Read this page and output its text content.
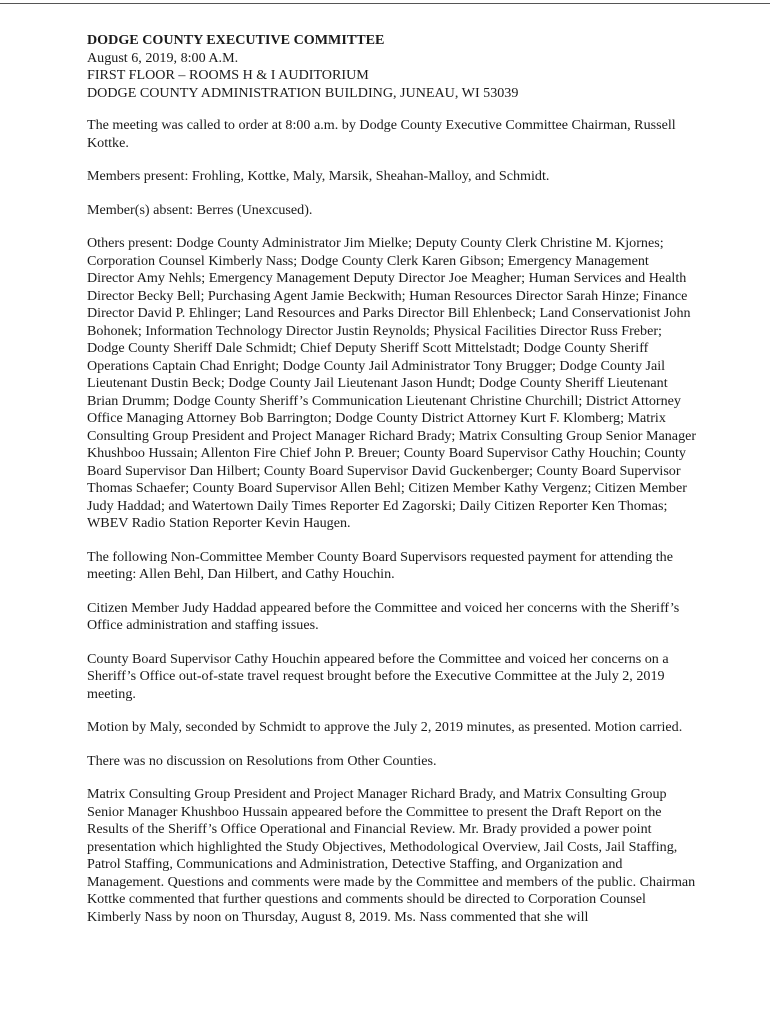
DODGE COUNTY EXECUTIVE COMMITTEE
August 6, 2019, 8:00 A.M.
FIRST FLOOR – ROOMS H & I AUDITORIUM
DODGE COUNTY ADMINISTRATION BUILDING, JUNEAU, WI 53039

The meeting was called to order at 8:00 a.m. by Dodge County Executive Committee Chairman, Russell Kottke.

Members present: Frohling, Kottke, Maly, Marsik, Sheahan-Malloy, and Schmidt.

Member(s) absent: Berres (Unexcused).

Others present: Dodge County Administrator Jim Mielke; Deputy County Clerk Christine M. Kjornes; Corporation Counsel Kimberly Nass; Dodge County Clerk Karen Gibson; Emergency Management Director Amy Nehls; Emergency Management Deputy Director Joe Meagher; Human Services and Health Director Becky Bell; Purchasing Agent Jamie Beckwith; Human Resources Director Sarah Hinze; Finance Director David P. Ehlinger; Land Resources and Parks Director Bill Ehlenbeck; Land Conservationist John Bohonek; Information Technology Director Justin Reynolds; Physical Facilities Director Russ Freber; Dodge County Sheriff Dale Schmidt; Chief Deputy Sheriff Scott Mittelstadt; Dodge County Sheriff Operations Captain Chad Enright; Dodge County Jail Administrator Tony Brugger; Dodge County Jail Lieutenant Dustin Beck; Dodge County Jail Lieutenant Jason Hundt; Dodge County Sheriff Lieutenant Brian Drumm; Dodge County Sheriff’s Communication Lieutenant Christine Churchill; District Attorney Office Managing Attorney Bob Barrington; Dodge County District Attorney Kurt F. Klomberg; Matrix Consulting Group President and Project Manager Richard Brady; Matrix Consulting Group Senior Manager Khushboo Hussain; Allenton Fire Chief John P. Breuer; County Board Supervisor Cathy Houchin; County Board Supervisor Dan Hilbert; County Board Supervisor David Guckenberger; County Board Supervisor Thomas Schaefer; County Board Supervisor Allen Behl; Citizen Member Kathy Vergenz; Citizen Member Judy Haddad; and Watertown Daily Times Reporter Ed Zagorski; Daily Citizen Reporter Ken Thomas; WBEV Radio Station Reporter Kevin Haugen.

The following Non-Committee Member County Board Supervisors requested payment for attending the meeting: Allen Behl, Dan Hilbert, and Cathy Houchin.

Citizen Member Judy Haddad appeared before the Committee and voiced her concerns with the Sheriff’s Office administration and staffing issues.

County Board Supervisor Cathy Houchin appeared before the Committee and voiced her concerns on a Sheriff’s Office out-of-state travel request brought before the Executive Committee at the July 2, 2019 meeting.

Motion by Maly, seconded by Schmidt to approve the July 2, 2019 minutes, as presented. Motion carried.

There was no discussion on Resolutions from Other Counties.

Matrix Consulting Group President and Project Manager Richard Brady, and Matrix Consulting Group Senior Manager Khushboo Hussain appeared before the Committee to present the Draft Report on the Results of the Sheriff’s Office Operational and Financial Review. Mr. Brady provided a power point presentation which highlighted the Study Objectives, Methodological Overview, Jail Costs, Jail Staffing, Patrol Staffing, Communications and Administration, Detective Staffing, and Organization and Management. Questions and comments were made by the Committee and members of the public. Chairman Kottke commented that further questions and comments should be directed to Corporation Counsel Kimberly Nass by noon on Thursday, August 8, 2019. Ms. Nass commented that she will
